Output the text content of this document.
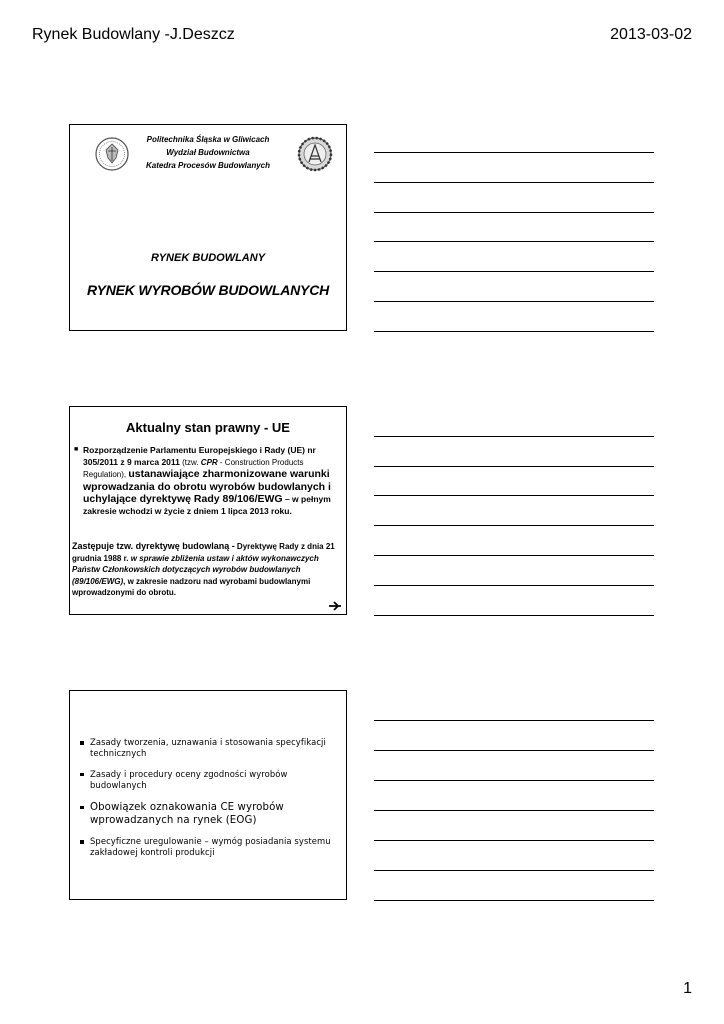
Rynek Budowlany -J.Deszcz	2013-03-02
Politechnika Śląska w Gliwicach
Wydział Budownictwa
Katedra Procesów Budowlanych
RYNEK BUDOWLANY
RYNEK WYROBÓW BUDOWLANYCH
Aktualny stan prawny - UE
■ Rozporządzenie Parlamentu Europejskiego i Rady (UE) nr 305/2011 z 9 marca 2011 (tzw. CPR - Construction Products Regulation), ustanawiające zharmonizowane warunki wprowadzania do obrotu wyrobów budowlanych i uchylające dyrektywę Rady 89/106/EWG – w pełnym zakresie wchodzi w życie z dniem 1 lipca 2013 roku.
Zastępuje tzw. dyrektywę budowlaną - Dyrektywę Rady z dnia 21 grudnia 1988 r. w sprawie zbliżenia ustaw i aktów wykonawczych Państw Członkowskich dotyczących wyrobów budowlanych (89/106/EWG), w zakresie nadzoru nad wyrobami budowlanymi wprowadzonymi do obrotu.
Zasady tworzenia, uznawania i stosowania specyfikacji technicznych
Zasady i procedury oceny zgodności wyrobów budowlanych
Obowiązek oznakowania CE wyrobów wprowadzanych na rynek (EOG)
Specyficzne uregulowanie – wymóg posiadania systemu zakładowej kontroli produkcji
1
